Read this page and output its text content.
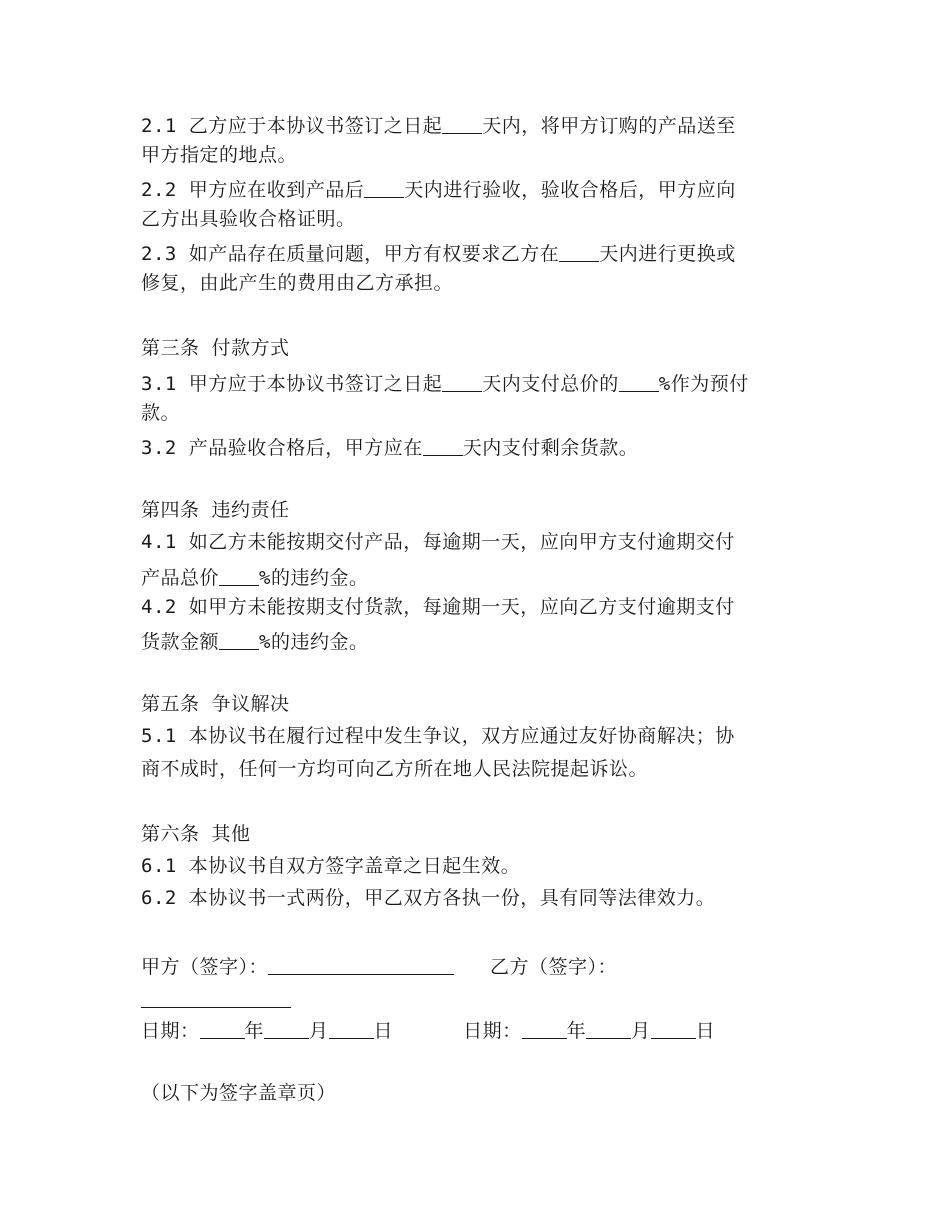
2.1 乙方应于本协议书签订之日起 天内，将甲方订购的产品送至
甲方指定的地点。
2.2 甲方应在收到产品后 天内进行验收，验收合格后，甲方应向
乙方出具验收合格证明。
2.3 如产品存在质量问题，甲方有权要求乙方在 天内进行更换或
修复，由此产生的费用由乙方承担。
第三条 付款方式
3.1 甲方应于本协议书签订之日起 天内支付总价的 %作为预付
款。
3.2 产品验收合格后，甲方应在 天内支付剩余货款。
第四条 违约责任
4.1 如乙方未能按期交付产品，每逾期一天，应向甲方支付逾期交付
产品总价 %的违约金。
4.2 如甲方未能按期支付货款，每逾期一天，应向乙方支付逾期支付
货款金额 %的违约金。
第五条 争议解决
5.1 本协议书在履行过程中发生争议，双方应通过友好协商解决；协
商不成时，任何一方均可向乙方所在地人民法院提起诉讼。
第六条 其他
6.1 本协议书自双方签字盖章之日起生效。
6.2 本协议书一式两份，甲乙双方各执一份，具有同等法律效力。
甲方（签字）：	乙方（签字）：
日期： 年 月 日	日期： 年 月 日
（以下为签字盖章页）
